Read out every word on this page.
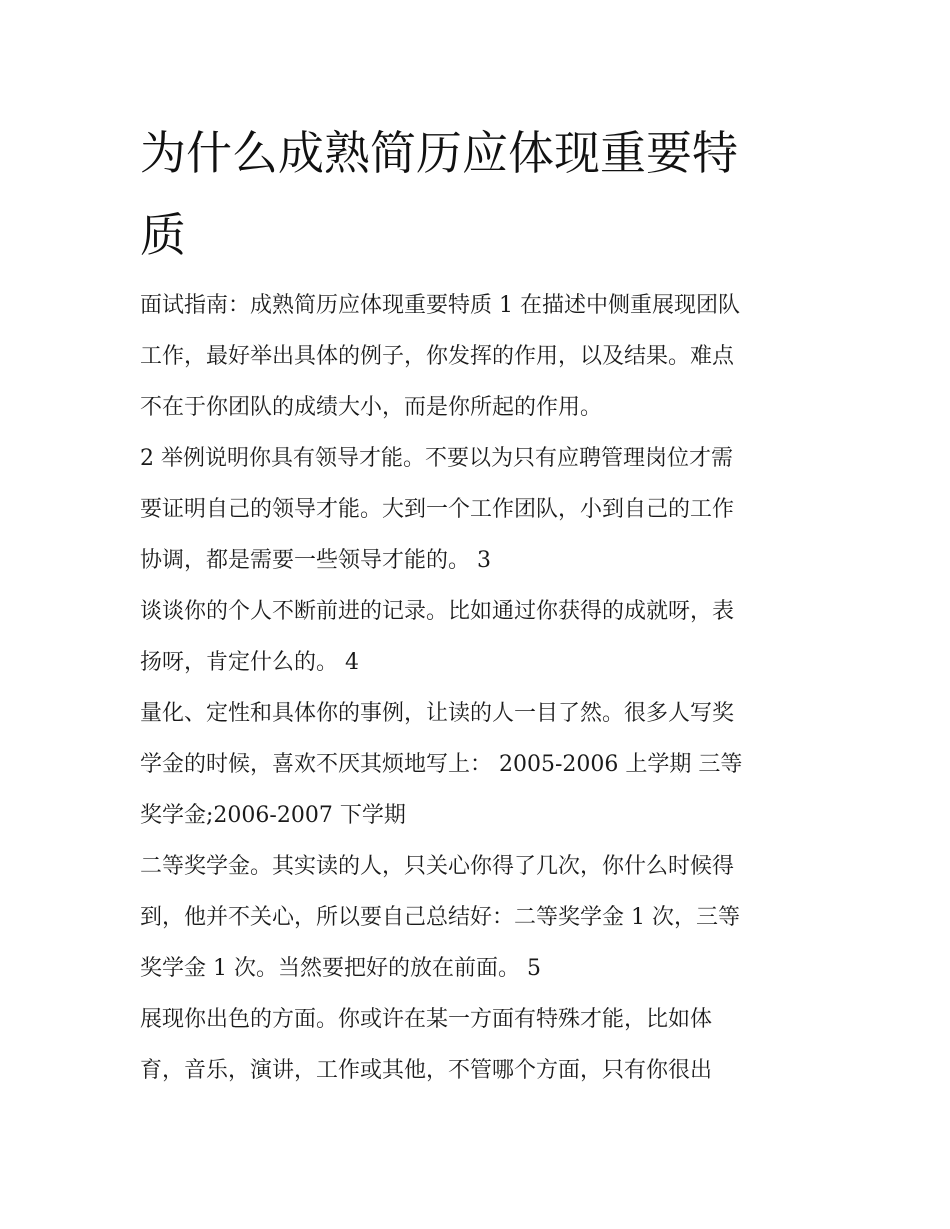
为什么成熟简历应体现重要特
质
面试指南：成熟简历应体现重要特质 1 在描述中侧重展现团队
工作，最好举出具体的例子，你发挥的作用，以及结果。难点
不在于你团队的成绩大小，而是你所起的作用。
2 举例说明你具有领导才能。不要以为只有应聘管理岗位才需
要证明自己的领导才能。大到一个工作团队，小到自己的工作
协调，都是需要一些领导才能的。 3
谈谈你的个人不断前进的记录。比如通过你获得的成就呀，表
扬呀，肯定什么的。 4
量化、定性和具体你的事例，让读的人一目了然。很多人写奖
学金的时候，喜欢不厌其烦地写上： 2005-2006 上学期 三等
奖学金;2006-2007 下学期
二等奖学金。其实读的人，只关心你得了几次，你什么时候得
到，他并不关心，所以要自己总结好：二等奖学金 1 次，三等
奖学金 1 次。当然要把好的放在前面。 5
展现你出色的方面。你或许在某一方面有特殊才能，比如体
育，音乐，演讲，工作或其他，不管哪个方面，只有你很出
